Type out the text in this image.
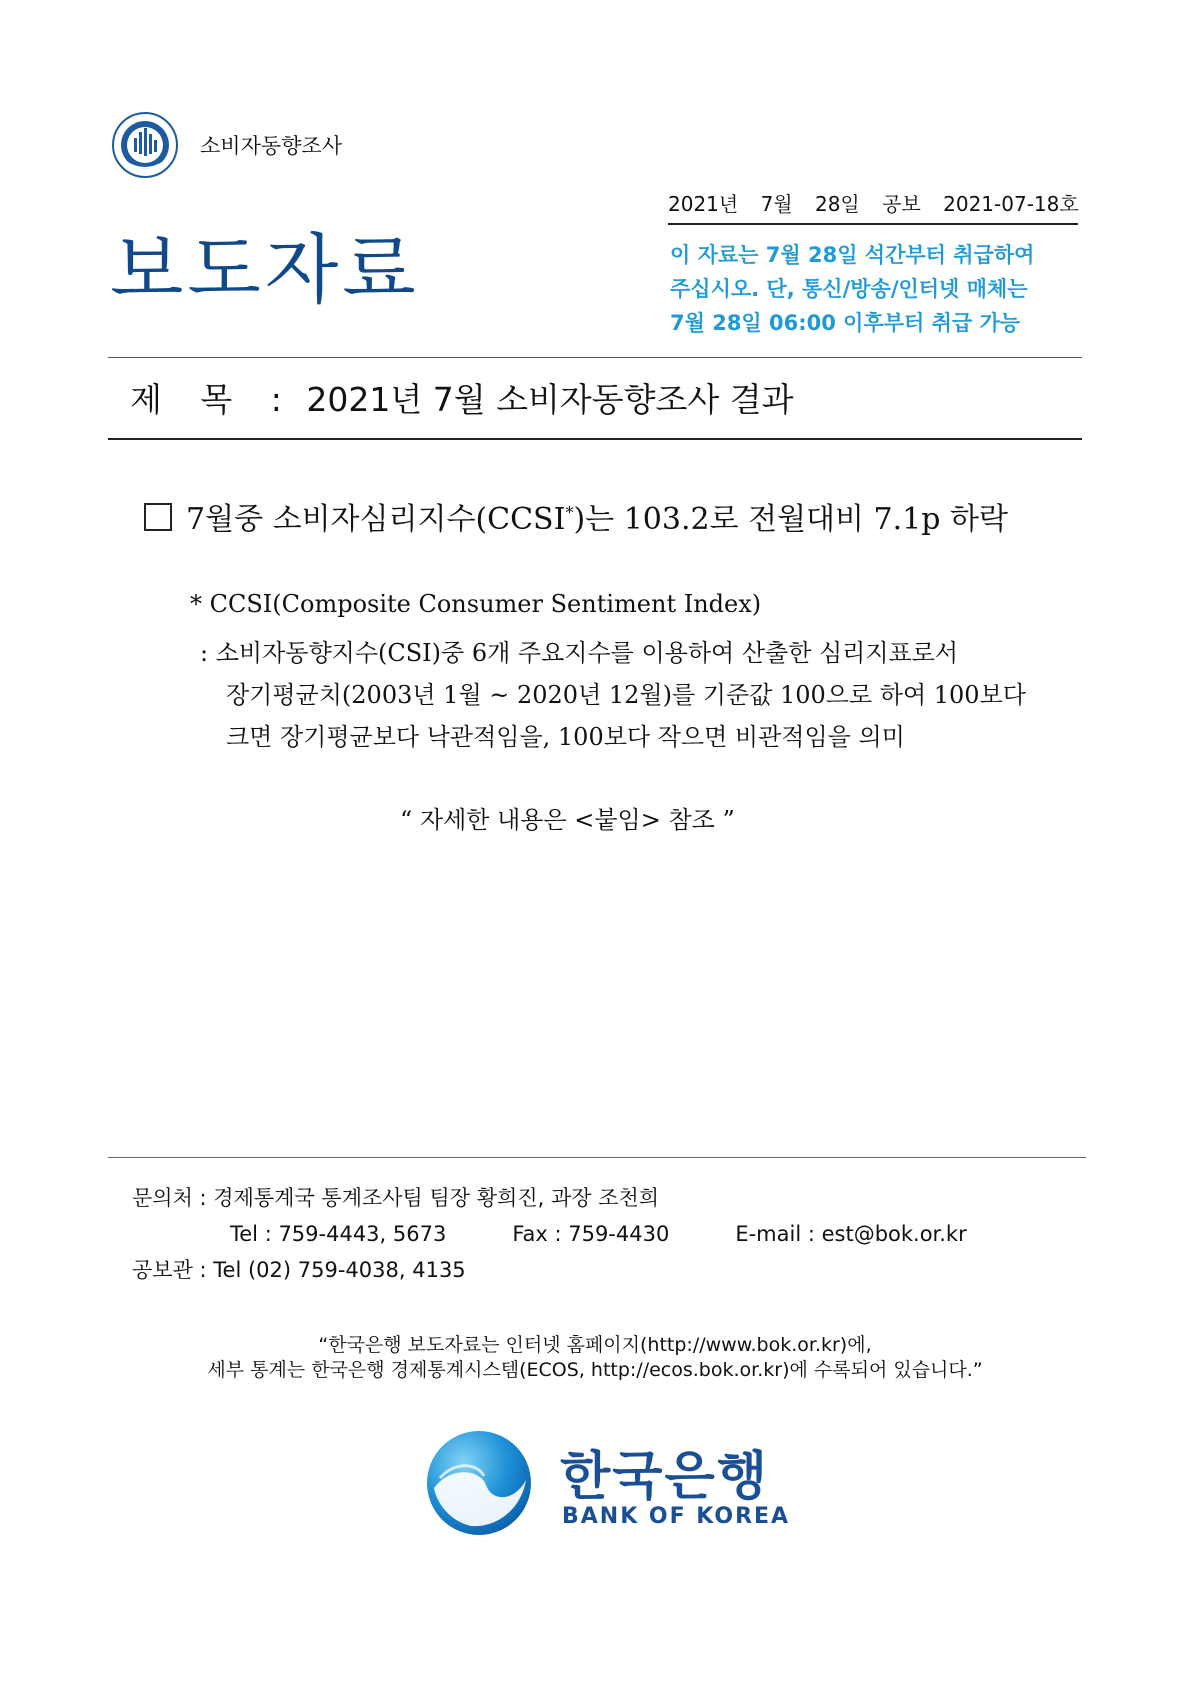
소비자동향조사
2021년 7월 28일 공보 2021-07-18호
보도자료	이 자료는 7월 28일 석간부터 취급하여
주십시오. 단, 통신/방송/인터넷 매체는
7월 28일 06:00 이후부터 취급 가능
제 목 : 2021년 7월 소비자동향조사 결과
7월중 소비자심리지수(CCSI*)는 103.2로 전월대비 7.1p 하락
* CCSI(Composite Consumer Sentiment Index)
: 소비자동향지수(CSI)중 6개 주요지수를 이용하여 산출한 심리지표로서
장기평균치(2003년 1월 ~ 2020년 12월)를 기준값 100으로 하여 100보다
크면 장기평균보다 낙관적임을, 100보다 작으면 비관적임을 의미
“ 자세한 내용은 <붙임> 참조 ”
문의처 : 경제통계국 통계조사팀 팀장 황희진, 과장 조천희
Tel : 759-4443, 5673	Fax : 759-4430	E-mail : est@bok.or.kr
공보관 : Tel (02) 759-4038, 4135
“한국은행 보도자료는 인터넷 홈페이지(http://www.bok.or.kr)에,
세부 통계는 한국은행 경제통계시스템(ECOS, http://ecos.bok.or.kr)에 수록되어 있습니다.”
한국은행
BANK OF KOREA
